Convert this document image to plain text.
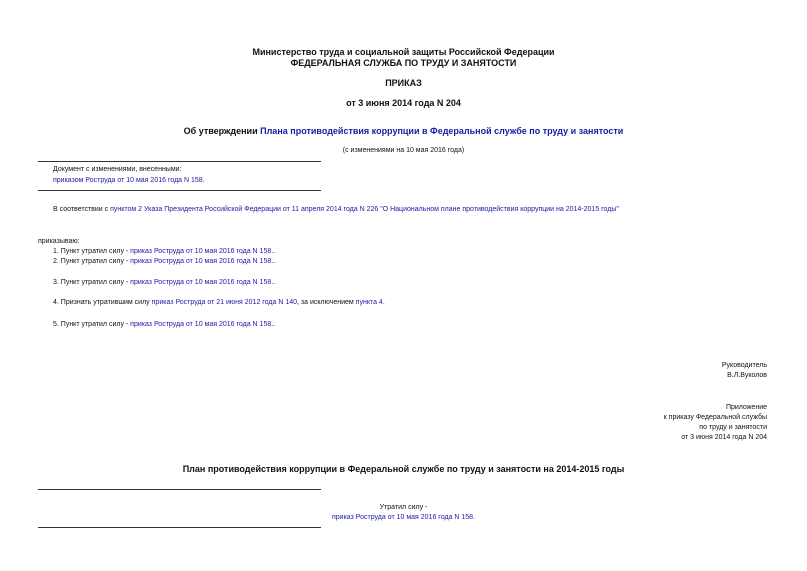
Министерство труда и социальной защиты Российской Федерации
ФЕДЕРАЛЬНАЯ СЛУЖБА ПО ТРУДУ И ЗАНЯТОСТИ
ПРИКАЗ
от 3 июня 2014 года N 204
Об утверждении Плана противодействия коррупции в Федеральной службе по труду и занятости
(с изменениями на 10 мая 2016 года)
Документ с изменениями, внесенными:
приказом Роструда от 10 мая 2016 года N 158.
В соответствии с пунктом 2 Указа Президента Российской Федерации от 11 апреля 2014 года N 226 "О Национальном плане противодействия коррупции на 2014-2015 годы"
приказываю:
1. Пункт утратил силу - приказ Роструда от 10 мая 2016 года N 158..
2. Пункт утратил силу - приказ Роструда от 10 мая 2016 года N 158..
3. Пункт утратил силу - приказ Роструда от 10 мая 2016 года N 158..
4. Признать утратившим силу приказ Роструда от 21 июня 2012 года N 140, за исключением пункта 4.
5. Пункт утратил силу - приказ Роструда от 10 мая 2016 года N 158..
Руководитель
В.Л.Вуколов
Приложение
к приказу Федеральной службы
по труду и занятости
от 3 июня 2014 года N 204
План противодействия коррупции в Федеральной службе по труду и занятости на 2014-2015 годы
Утратил силу -
приказ Роструда от 10 мая 2016 года N 158.
